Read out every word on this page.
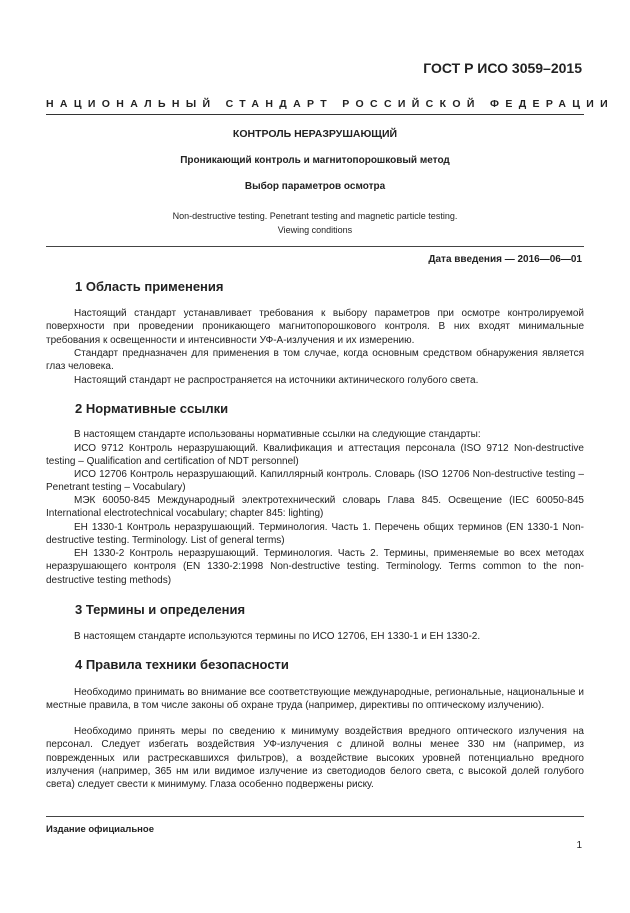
ГОСТ Р ИСО 3059–2015
НАЦИОНАЛЬНЫЙ СТАНДАРТ РОССИЙСКОЙ ФЕДЕРАЦИИ
КОНТРОЛЬ НЕРАЗРУШАЮЩИЙ
Проникающий контроль и магнитопорошковый метод
Выбор параметров осмотра
Non-destructive testing. Penetrant testing and magnetic particle testing.
Viewing conditions
Дата введения — 2016—06—01
1 Область применения

Настоящий стандарт устанавливает требования к выбору параметров при осмотре контролируемой поверхности при проведении проникающего магнитопорошкового контроля. В них входят минимальные требования к освещенности и интенсивности УФ-А-излучения и их измерению.

Стандарт предназначен для применения в том случае, когда основным средством обнаружения является глаз человека.

Настоящий стандарт не распространяется на источники актинического голубого света.

2 Нормативные ссылки

В настоящем стандарте использованы нормативные ссылки на следующие стандарты:

ИСО 9712 Контроль неразрушающий. Квалификация и аттестация персонала (ISO 9712 Non-destructive testing – Qualification and certification of NDT personnel)

ИСО 12706 Контроль неразрушающий. Капиллярный контроль. Словарь (ISO 12706 Non-destructive testing – Penetrant testing – Vocabulary)

МЭК 60050-845 Международный электротехнический словарь Глава 845. Освещение (IEC 60050-845 International electrotechnical vocabulary; chapter 845: lighting)

ЕН 1330-1 Контроль неразрушающий. Терминология. Часть 1. Перечень общих терминов (EN 1330-1 Non-destructive testing. Terminology. List of general terms)

ЕН 1330-2 Контроль неразрушающий. Терминология. Часть 2. Термины, применяемые во всех методах неразрушающего контроля (EN 1330-2:1998 Non-destructive testing. Terminology. Terms common to the non-destructive testing methods)

3 Термины и определения

В настоящем стандарте используются термины по ИСО 12706, ЕН 1330-1 и ЕН 1330-2.

4 Правила техники безопасности

Необходимо принимать во внимание все соответствующие международные, региональные, национальные и местные правила, в том числе законы об охране труда (например, директивы по оптическому излучению).

Необходимо принять меры по сведению к минимуму воздействия вредного оптического излучения на персонал. Следует избегать воздействия УФ-излучения с длиной волны менее 330 нм (например, из поврежденных или растрескавшихся фильтров), а воздействие высоких уровней потенциально вредного излучения (например, 365 нм или видимое излучение из светодиодов белого света, с высокой долей голубого света) следует свести к минимуму. Глаза особенно подвержены риску.

Издание официальное
1
